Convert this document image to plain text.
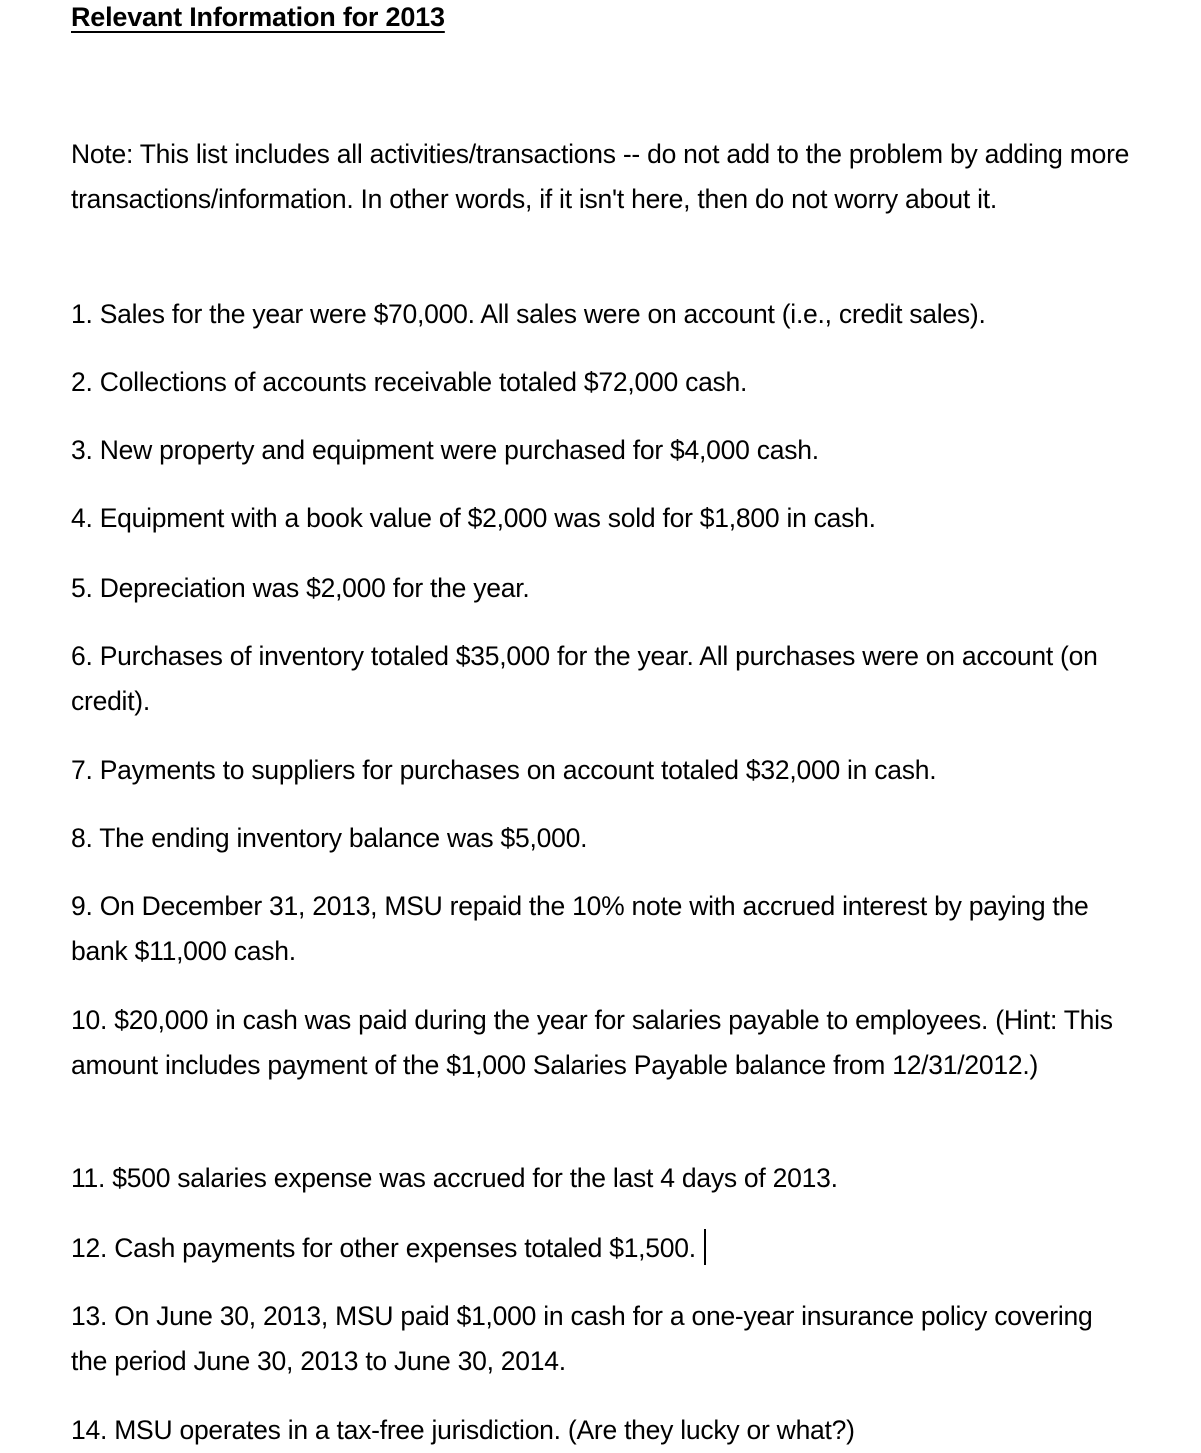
Relevant Information for 2013
Note: This list includes all activities/transactions -- do not add to the problem by adding more transactions/information. In other words, if it isn't here, then do not worry about it.
1. Sales for the year were $70,000. All sales were on account (i.e., credit sales).
2. Collections of accounts receivable totaled $72,000 cash.
3. New property and equipment were purchased for $4,000 cash.
4. Equipment with a book value of $2,000 was sold for $1,800 in cash.
5. Depreciation was $2,000 for the year.
6. Purchases of inventory totaled $35,000 for the year. All purchases were on account (on credit).
7. Payments to suppliers for purchases on account totaled $32,000 in cash.
8. The ending inventory balance was $5,000.
9. On December 31, 2013, MSU repaid the 10% note with accrued interest by paying the bank $11,000 cash.
10. $20,000 in cash was paid during the year for salaries payable to employees. (Hint: This amount includes payment of the $1,000 Salaries Payable balance from 12/31/2012.)
11. $500 salaries expense was accrued for the last 4 days of 2013.
12. Cash payments for other expenses totaled $1,500.
13. On June 30, 2013, MSU paid $1,000 in cash for a one-year insurance policy covering the period June 30, 2013 to June 30, 2014.
14. MSU operates in a tax-free jurisdiction. (Are they lucky or what?)
